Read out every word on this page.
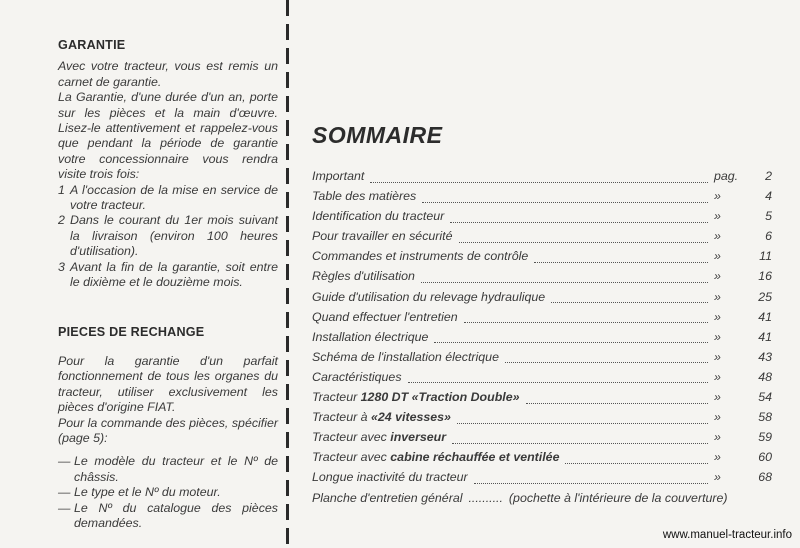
GARANTIE
Avec votre tracteur, vous est remis un carnet de garantie.
La Garantie, d'une durée d'un an, porte sur les pièces et la main d'œuvre. Lisez-le attentivement et rappelez-vous que pendant la période de garantie votre concessionnaire vous rendra visite trois fois:
1 A l'occasion de la mise en service de votre tracteur.
2 Dans le courant du 1er mois suivant la livraison (environ 100 heures d'utilisation).
3 Avant la fin de la garantie, soit entre le dixième et le douzième mois.
PIECES DE RECHANGE
Pour la garantie d'un parfait fonctionnement de tous les organes du tracteur, utiliser exclusivement les pièces d'origine FIAT.
Pour la commande des pièces, spécifier (page 5):
— Le modèle du tracteur et le Nº de châssis.
— Le type et le Nº du moteur.
— Le Nº du catalogue des pièces demandées.
SOMMAIRE
Important	pag.	2
Table des matières	»	4
Identification du tracteur	»	5
Pour travailler en sécurité	»	6
Commandes et instruments de contrôle	»	11
Règles d'utilisation	»	16
Guide d'utilisation du relevage hydraulique	»	25
Quand effectuer l'entretien	»	41
Installation électrique	»	41
Schéma de l'installation électrique	»	43
Caractéristiques	»	48
Tracteur 1280 DT «Traction Double»	»	54
Tracteur à «24 vitesses»	»	58
Tracteur avec inverseur	»	59
Tracteur avec cabine réchauffée et ventilée	»	60
Longue inactivité du tracteur	»	68
Planche d'entretien général .......... (pochette à l'intérieure de la couverture)
www.manuel-tracteur.info
